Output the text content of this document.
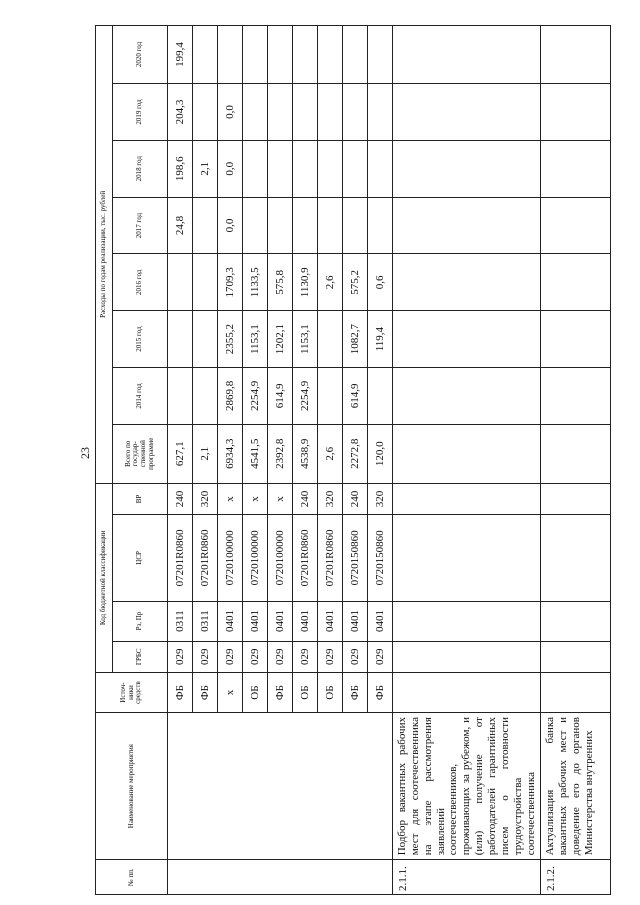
23
№ пп.	Наименование мероприятия	Источ-ники средств	Код бюджетной классификации				Расходы по годам реализации, тыс. рублей							
			ГРБС	Рз, Пр	ЦСР	ВР	Всего по государ-ственной программе	2014 год	2015 год	2016 год	2017 год	2018 год	2019 год	2020 год
		ФБ	029	0311	07201R0860	240	627,1				24,8	198,6	204,3	199,4
		ФБ	029	0311	07201R0860	320	2,1					2,1		
		х	029	0401	0720100000	х	6934,3	2869,8	2355,2	1709,3	0,0	0,0	0,0	
		ОБ	029	0401	0720100000	х	4541,5	2254,9	1153,1	1133,5				
		ФБ	029	0401	0720100000	х	2392,8	614,9	1202,1	575,8				
		ОБ	029	0401	07201R0860	240	4538,9	2254,9	1153,1	1130,9				
		ОБ	029	0401	07201R0860	320	2,6			2,6				
		ФБ	029	0401	0720150860	240	2272,8	614,9	1082,7	575,2				
		ФБ	029	0401	0720150860	320	120,0		119,4	0,6				
2.1.1.	Подбор вакантных рабочих мест для соотечественника на этапе рассмотрения заявлений соотечественников, проживающих за рубежом, и (или) получение от работодателей гарантийных писем о готовности трудоустройства соотечественника													
2.1.2.	Актуализация банка вакантных рабочих мест и доведение его до органов Министерства внутренних													
